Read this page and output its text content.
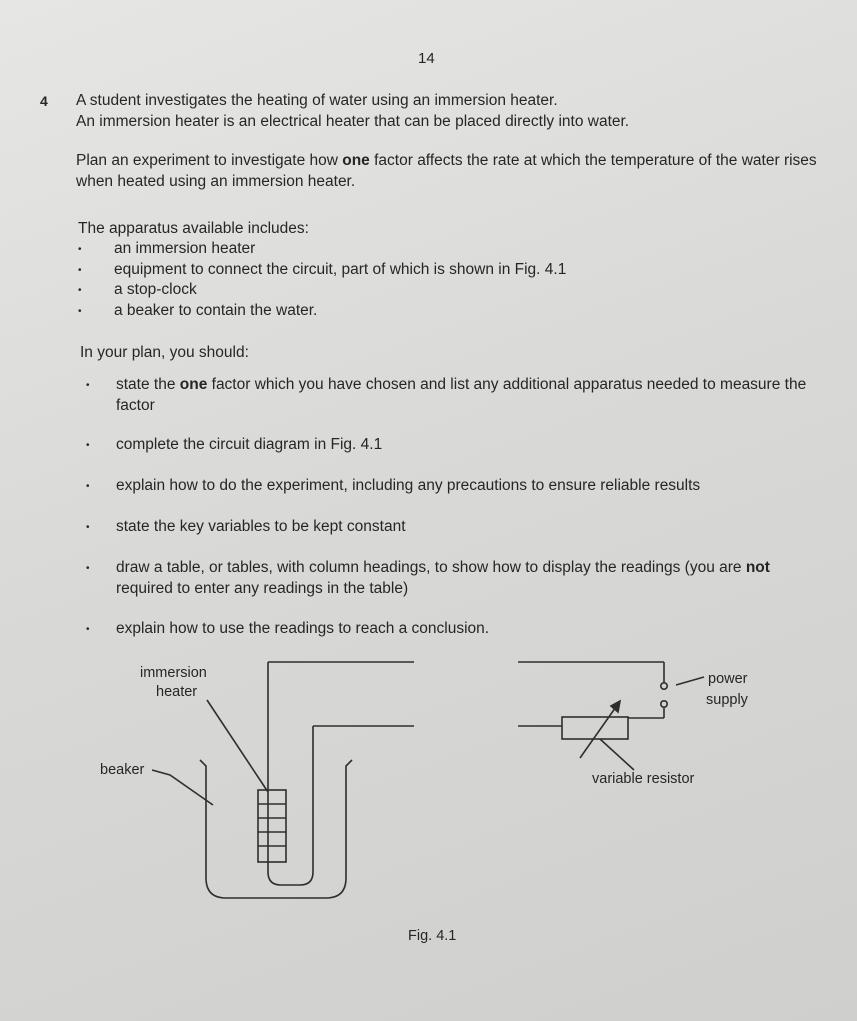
14
4 A student investigates the heating of water using an immersion heater.
An immersion heater is an electrical heater that can be placed directly into water.
Plan an experiment to investigate how one factor affects the rate at which the temperature of the water rises when heated using an immersion heater.
The apparatus available includes:
• an immersion heater
• equipment to connect the circuit, part of which is shown in Fig. 4.1
• a stop-clock
• a beaker to contain the water.
In your plan, you should:
• state the one factor which you have chosen and list any additional apparatus needed to measure the factor
• complete the circuit diagram in Fig. 4.1
• explain how to do the experiment, including any precautions to ensure reliable results
• state the key variables to be kept constant
• draw a table, or tables, with column headings, to show how to display the readings (you are not required to enter any readings in the table)
• explain how to use the readings to reach a conclusion.
immersion
heater
beaker
power
supply
variable resistor
Fig. 4.1
